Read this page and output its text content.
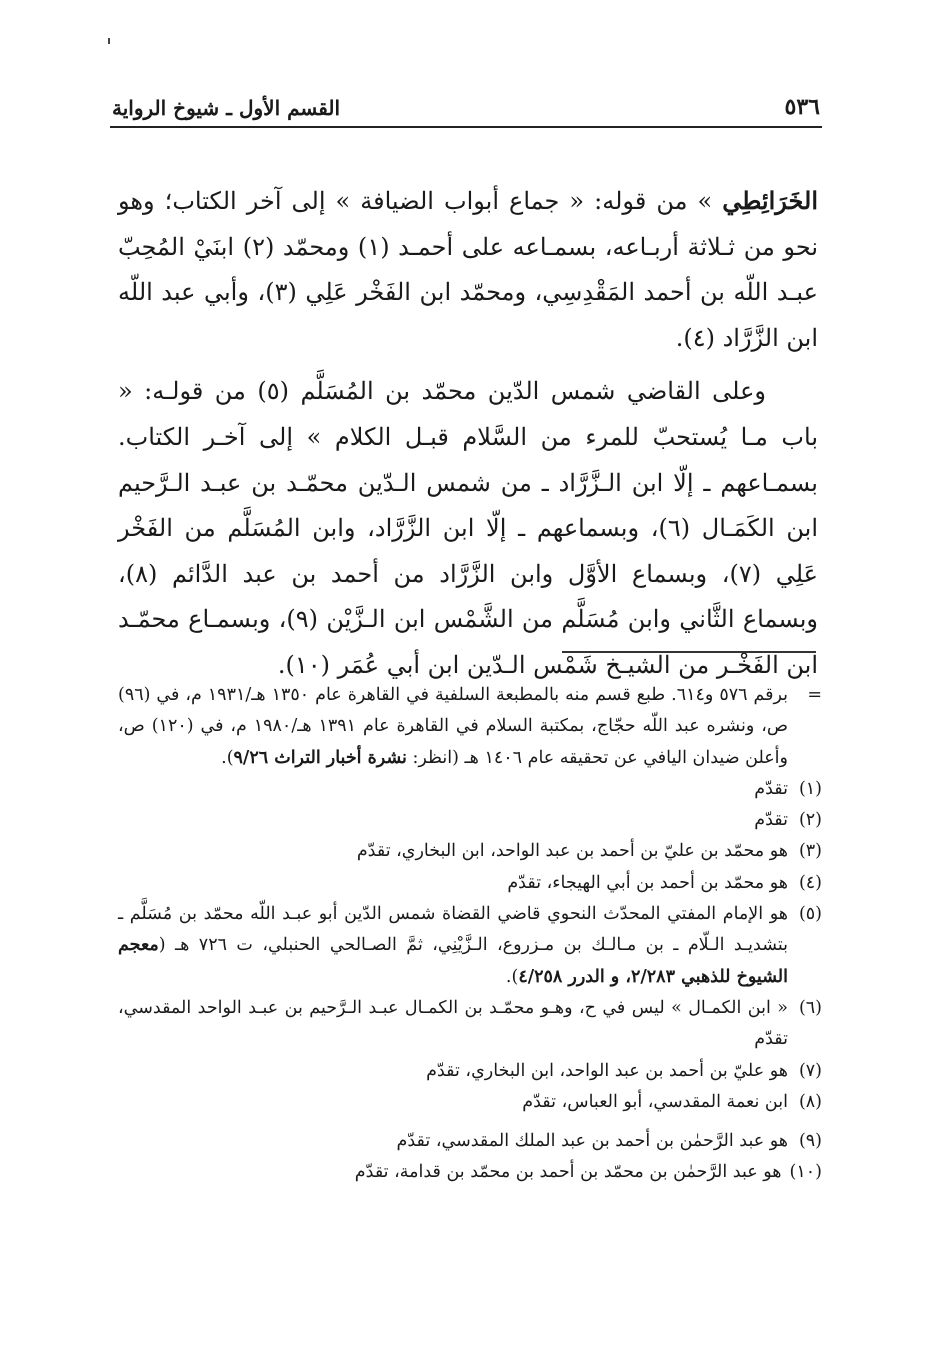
٥٣٦
القسم الأول ـ شيوخ الرواية

الخَرَائِطِي » من قوله: « جماع أبواب الضيافة » إلى آخر الكتاب؛ وهو نحو من ثـلاثة أربـاعه، بسمـاعه على أحمـد (١) ومحمّد (٢) ابنَيْ المُحِبّ عبـد اللّه بن أحمد المَقْدِسِي، ومحمّد ابن الفَخْر عَلِي (٣)، وأبي عبد اللّه ابن الزَّرَّاد (٤).

وعلى القاضي شمس الدّين محمّد بن المُسَلَّم (٥) من قولـه: « باب مـا يُستحبّ للمرء من السَّلام قبـل الكلام » إلى آخـر الكتاب. بسمـاعهم ـ إلّا ابن الـزَّرَّاد ـ من شمس الـدّين محمّـد بن عبـد الـرَّحيم ابن الكَمَـال (٦)، وبسماعهم ـ إلّا ابن الزَّرَّاد، وابن المُسَلَّم من الفَخْر عَلِي (٧)، وبسماع الأوَّل وابن الزَّرَّاد من أحمد بن عبد الدَّائم (٨)، وبسماع الثَّاني وابن مُسَلَّم من الشَّمْس ابن الـزَّيْن (٩)، وبسمـاع محمّـد ابن الفَخْـر من الشيـخ شَمْس الـدّين ابن أبي عُمَر (١٠).

=
برقم ٥٧٦ و٦١٤. طبع قسم منه بالمطبعة السلفية في القاهرة عام ١٣٥٠ هـ/١٩٣١ م، في (٩٦) ص، ونشره عبد اللّه حجّاج، بمكتبة السلام في القاهرة عام ١٣٩١ هـ/١٩٨٠ م، في (١٢٠) ص، وأعلن ضيدان اليافي عن تحقيقه عام ١٤٠٦ هـ (انظر: نشرة أخبار التراث ٩/٢٦).
(١)
تقدّم
(٢)
تقدّم
(٣)
هو محمّد بن عليّ بن أحمد بن عبد الواحد، ابن البخاري، تقدّم
(٤)
هو محمّد بن أحمد بن أبي الهيجاء، تقدّم
(٥)
هو الإمام المفتي المحدّث النحوي قاضي القضاة شمس الدّين أبو عبـد اللّه محمّد بن مُسَلَّم ـ بتشديـد الـلّام ـ بن مـالـك بن مـزروع، الـزَّيْنِي، ثمَّ الصـالحي الحنبلي، ت ٧٢٦ هـ (معجم الشيوخ للذهبي ٢/٢٨٣، و الدرر ٤/٢٥٨).
(٦)
« ابن الكمـال » ليس في ح، وهـو محمّـد بن الكمـال عبـد الـرَّحيم بن عبـد الواحد المقدسي، تقدّم
(٧)
هو عليّ بن أحمد بن عبد الواحد، ابن البخاري، تقدّم
(٨)
ابن نعمة المقدسي، أبو العباس، تقدّم
(٩)
هو عبد الرَّحمٰن بن أحمد بن عبد الملك المقدسي، تقدّم
(١٠)
هو عبد الرَّحمٰن بن محمّد بن أحمد بن محمّد بن قدامة، تقدّم
